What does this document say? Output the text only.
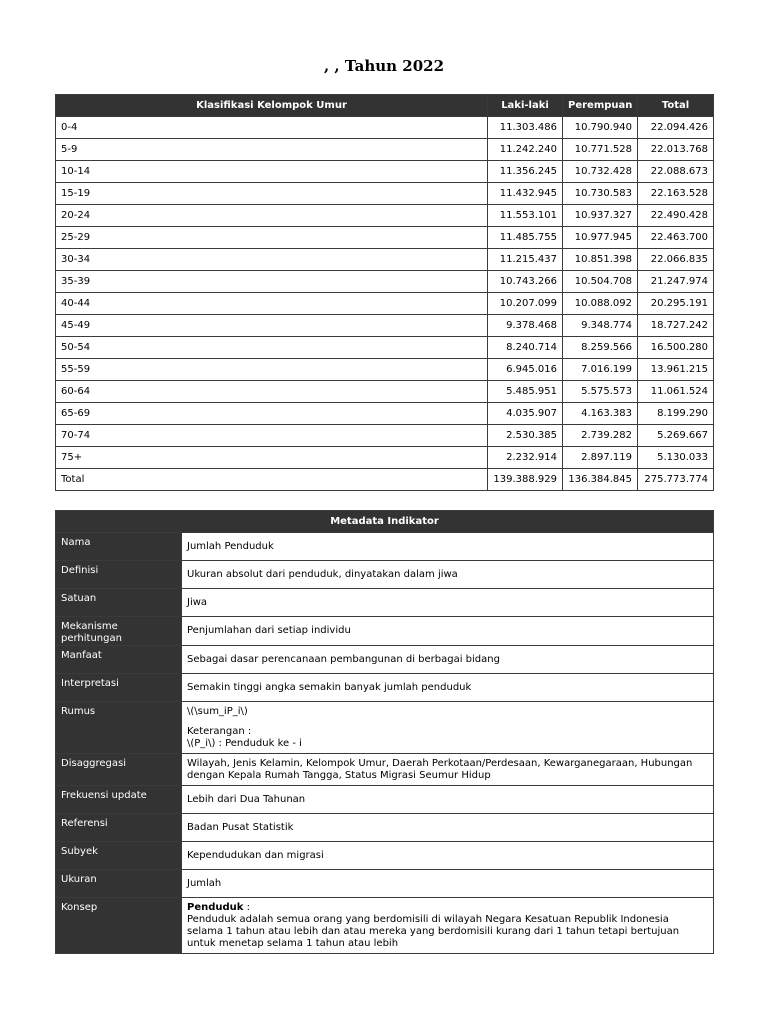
, , Tahun 2022
Klasifikasi Kelompok Umur	Laki-laki	Perempuan	Total
0-4	11.303.486	10.790.940	22.094.426
5-9	11.242.240	10.771.528	22.013.768
10-14	11.356.245	10.732.428	22.088.673
15-19	11.432.945	10.730.583	22.163.528
20-24	11.553.101	10.937.327	22.490.428
25-29	11.485.755	10.977.945	22.463.700
30-34	11.215.437	10.851.398	22.066.835
35-39	10.743.266	10.504.708	21.247.974
40-44	10.207.099	10.088.092	20.295.191
45-49	9.378.468	9.348.774	18.727.242
50-54	8.240.714	8.259.566	16.500.280
55-59	6.945.016	7.016.199	13.961.215
60-64	5.485.951	5.575.573	11.061.524
65-69	4.035.907	4.163.383	8.199.290
70-74	2.530.385	2.739.282	5.269.667
75+	2.232.914	2.897.119	5.130.033
Total	139.388.929	136.384.845	275.773.774
Metadata Indikator	
Nama	Jumlah Penduduk
Definisi	Ukuran absolut dari penduduk, dinyatakan dalam jiwa
Satuan	Jiwa
Mekanisme perhitungan	Penjumlahan dari setiap individu
Manfaat	Sebagai dasar perencanaan pembangunan di berbagai bidang
Interpretasi	Semakin tinggi angka semakin banyak jumlah penduduk
Rumus	\(\sum_iP_i\)
Keterangan :
\(P_i\) : Penduduk ke - i

Disaggregasi	Wilayah, Jenis Kelamin, Kelompok Umur, Daerah Perkotaan/Perdesaan, Kewarganegaraan, Hubungan dengan Kepala Rumah Tangga, Status Migrasi Seumur Hidup
Frekuensi update	Lebih dari Dua Tahunan
Referensi	Badan Pusat Statistik
Subyek	Kependudukan dan migrasi
Ukuran	Jumlah
Konsep	Penduduk :
Penduduk adalah semua orang yang berdomisili di wilayah Negara Kesatuan Republik Indonesia selama 1 tahun atau lebih dan atau mereka yang berdomisili kurang dari 1 tahun tetapi bertujuan untuk menetap selama 1 tahun atau lebih
